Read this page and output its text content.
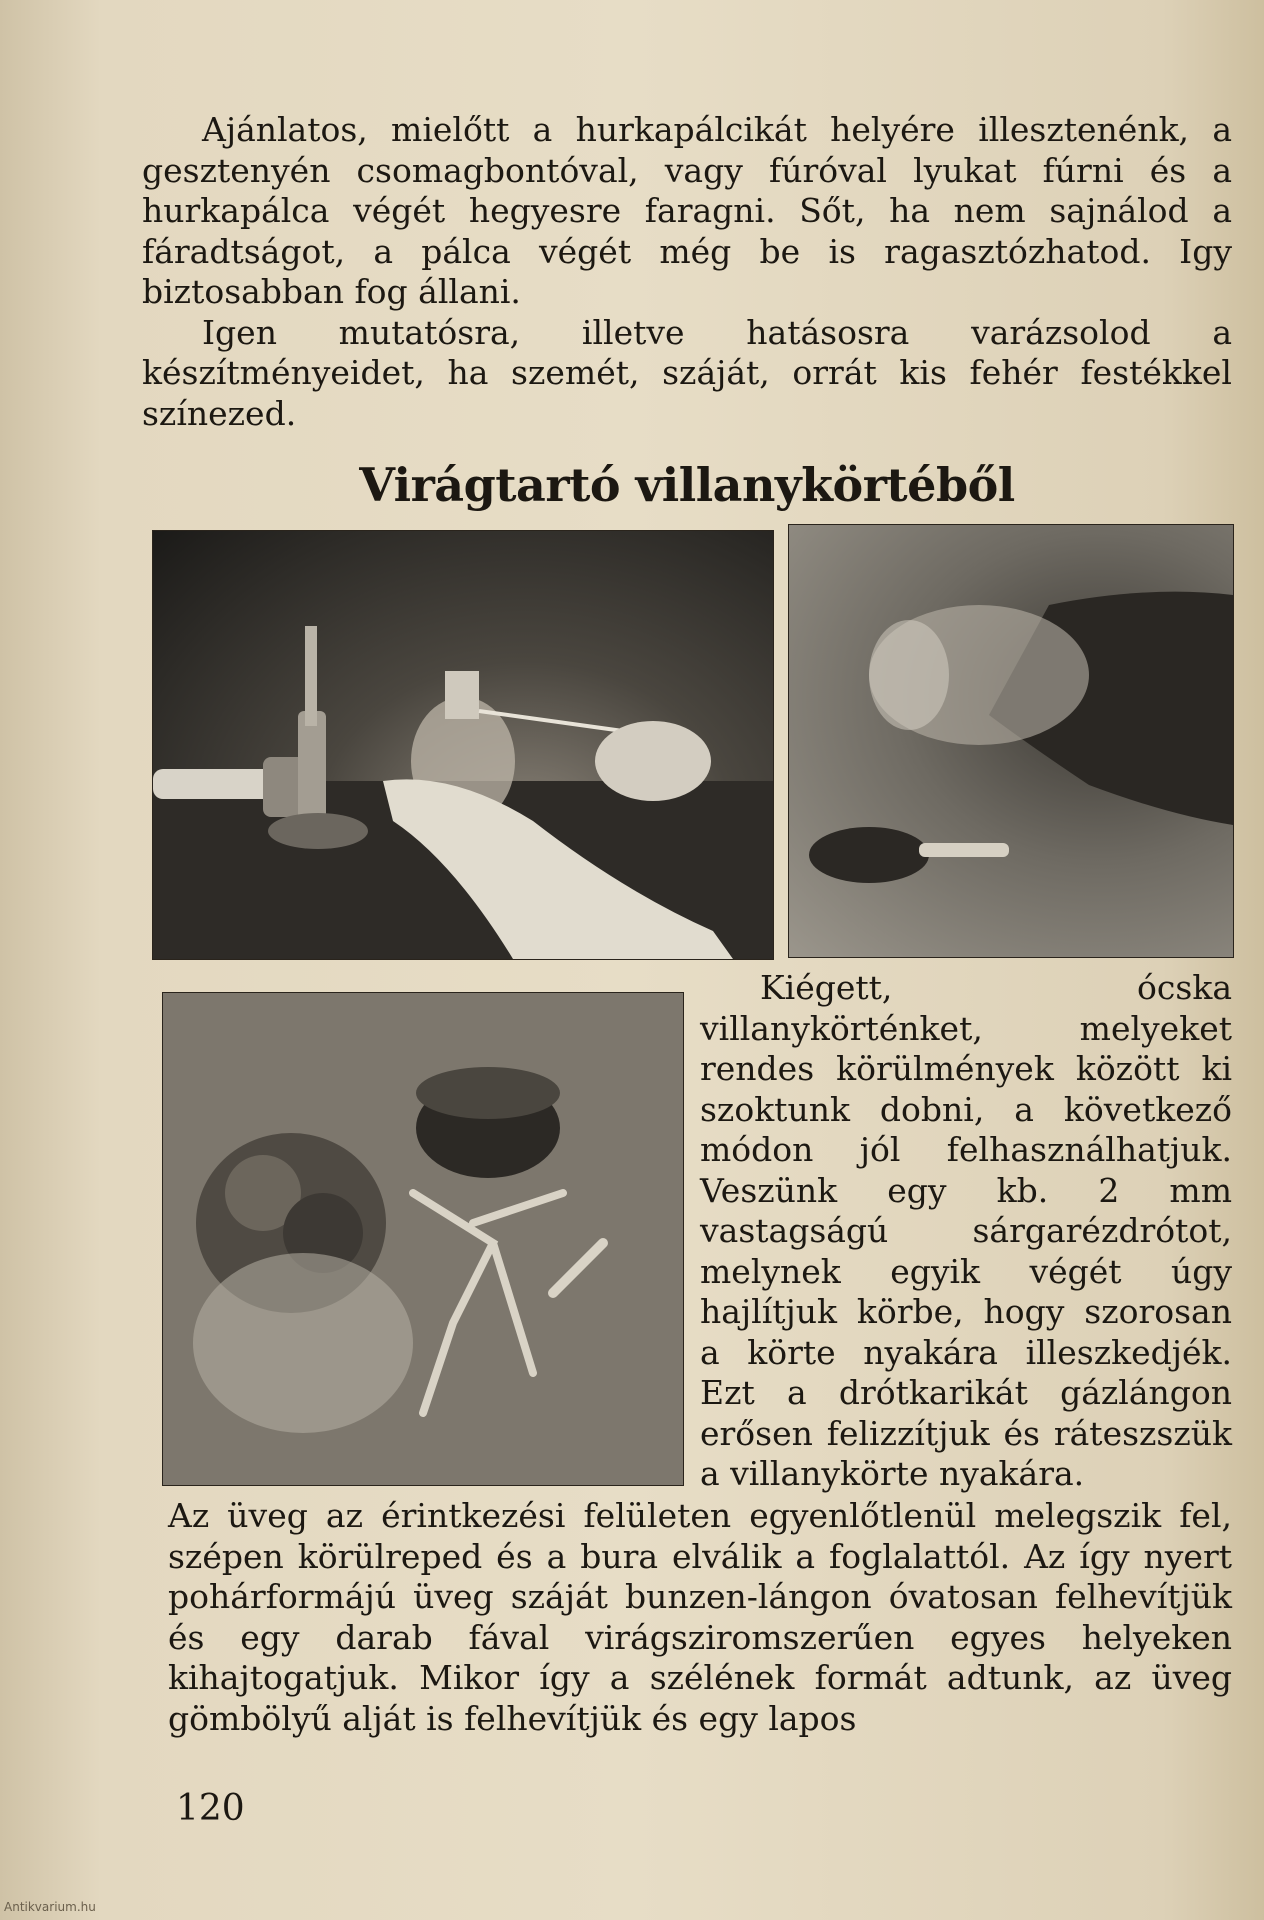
Ajánlatos, mielőtt a hurkapálcikát helyére illesztenénk, a gesztenyén csomagbontóval, vagy fúróval lyukat fúrni és a hurkapálca végét hegyesre faragni. Sőt, ha nem sajnálod a fáradtságot, a pálca végét még be is ragasztózhatod. Igy biztosabban fog állani.

Igen mutatósra, illetve hatásosra varázsolod a készítményeidet, ha szemét, száját, orrát kis fehér festékkel színezed.

Virágtartó villanykörtéből

Kiégett, ócska villanykörténket, melyeket rendes körülmények között ki szoktunk dobni, a következő módon jól felhasználhatjuk. Veszünk egy kb. 2 mm vastagságú sárgarézdrótot, melynek egyik végét úgy hajlítjuk körbe, hogy szorosan a körte nyakára illeszkedjék. Ezt a drótkarikát gázlángon erősen felizzítjuk és ráteszszük a villanykörte nyakára.

Az üveg az érintkezési felületen egyenlőtlenül melegszik fel, szépen körülreped és a bura elválik a foglalattól. Az így nyert pohárformájú üveg száját bunzen-lángon óvatosan felhevítjük és egy darab fával virágsziromszerűen egyes helyeken kihajtogatjuk. Mikor így a szélének formát adtunk, az üveg gömbölyű alját is felhevítjük és egy lapos

120
Antikvarium.hu
